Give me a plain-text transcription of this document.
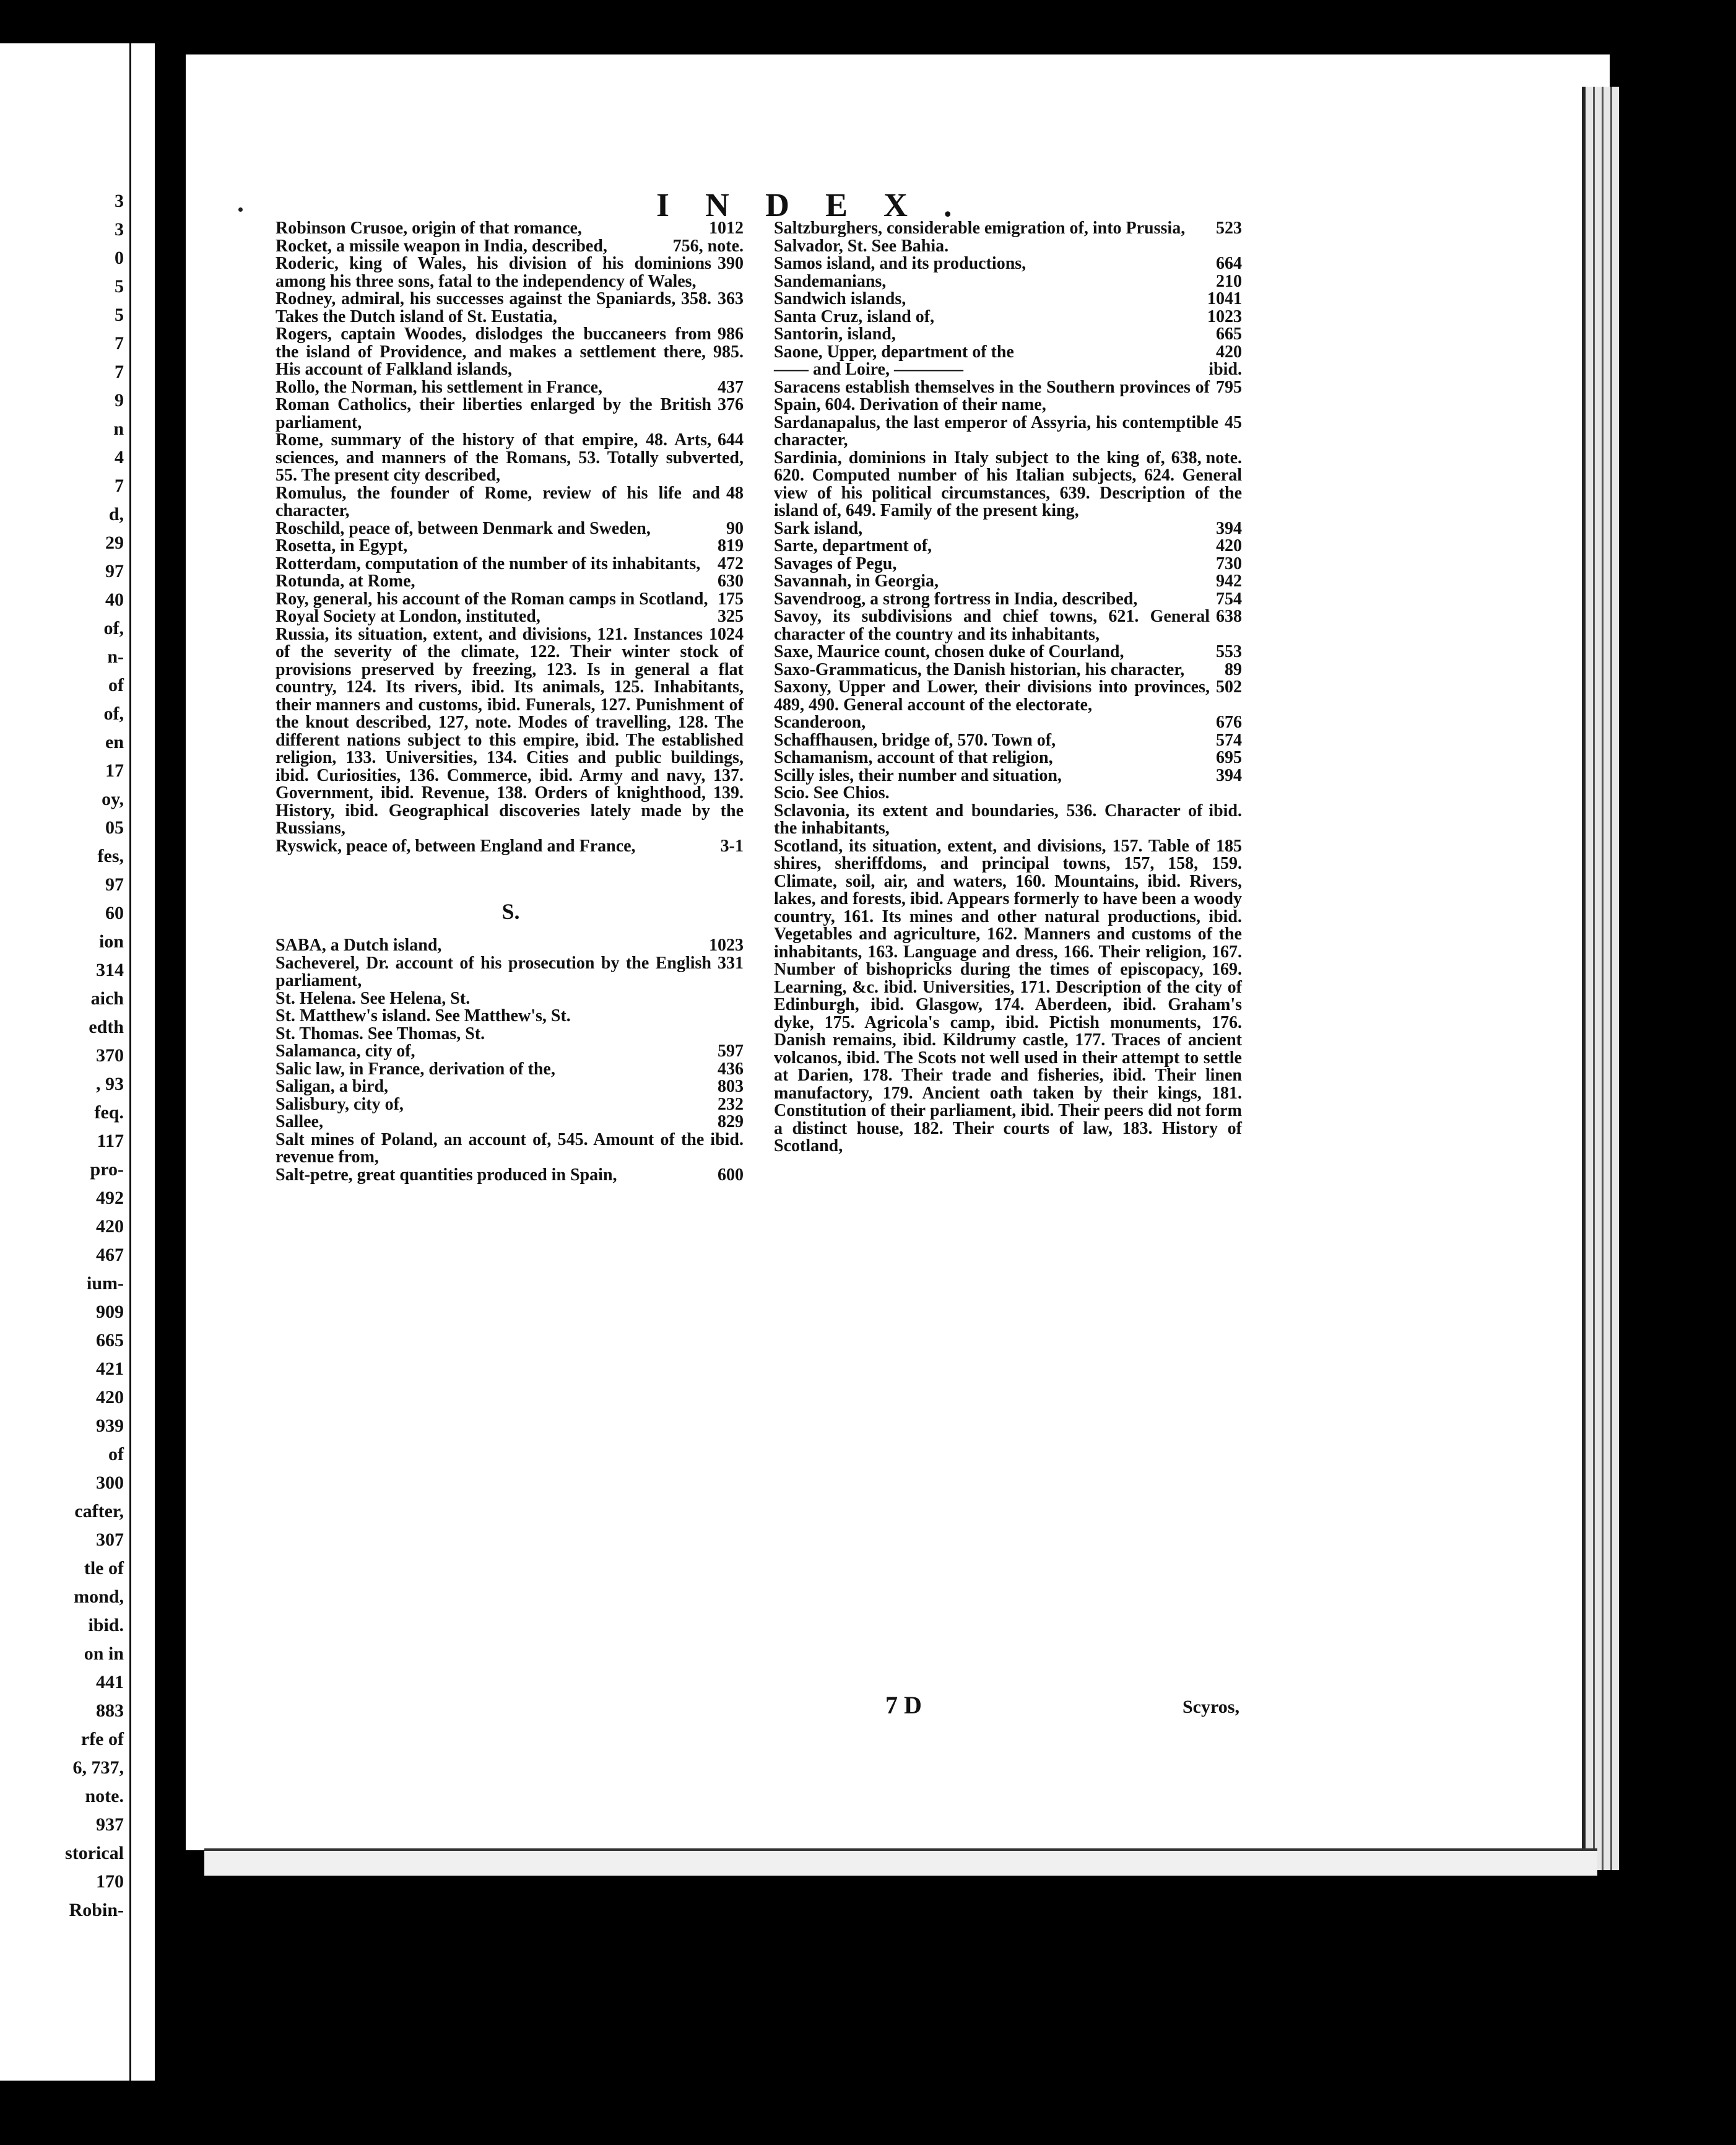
3
3
0
5
5
7
7
9
n
4
7
d,
29
97
40
of,
n-
of
of,
en
17
oy,
05
fes,
97
60
ion
314
aich
edth
370
, 93
feq.
117
pro-
492
420
467
ium-
909
665
421
420
939
of
300
cafter,
307
tle of
mond,
ibid.
on in
441
883
rfe of
6, 737,
note.
937
storical
170
Robin-
INDEX.
1012
Robinson Crusoe, origin of that romance,
756, note.
Rocket, a missile weapon in India, described,
390
Roderic, king of Wales, his division of his dominions among his three sons, fatal to the independency of Wales,
363
Rodney, admiral, his successes against the Spaniards, 358. Takes the Dutch island of St. Eustatia,
986
Rogers, captain Woodes, dislodges the buccaneers from the island of Providence, and makes a settlement there, 985. His account of Falkland islands,
437
Rollo, the Norman, his settlement in France,
376
Roman Catholics, their liberties enlarged by the British parliament,
644
Rome, summary of the history of that empire, 48. Arts, sciences, and manners of the Romans, 53. Totally subverted, 55. The present city described,
48
Romulus, the founder of Rome, review of his life and character,
90
Roschild, peace of, between Denmark and Sweden,
819
Rosetta, in Egypt,
472
Rotterdam, computation of the number of its inhabitants,
630
Rotunda, at Rome,
175
Roy, general, his account of the Roman camps in Scotland,
325
Royal Society at London, instituted,
1024
Russia, its situation, extent, and divisions, 121. Instances of the severity of the climate, 122. Their winter stock of provisions preserved by freezing, 123. Is in general a flat country, 124. Its rivers, ibid. Its animals, 125. Inhabitants, their manners and customs, ibid. Funerals, 127. Punishment of the knout described, 127, note. Modes of travelling, 128. The different nations subject to this empire, ibid. The established religion, 133. Universities, 134. Cities and public buildings, ibid. Curiosities, 136. Commerce, ibid. Army and navy, 137. Government, ibid. Revenue, 138. Orders of knighthood, 139. History, ibid. Geographical discoveries lately made by the Russians,
3-1
Ryswick, peace of, between England and France,
S.
1023
SABA, a Dutch island,
331
Sacheverel, Dr. account of his prosecution by the English parliament,
St. Helena. See Helena, St.
St. Matthew's island. See Matthew's, St.
St. Thomas. See Thomas, St.
597
Salamanca, city of,
436
Salic law, in France, derivation of the,
803
Saligan, a bird,
232
Salisbury, city of,
829
Sallee,
ibid.
Salt mines of Poland, an account of, 545. Amount of the revenue from,
600
Salt-petre, great quantities produced in Spain,
523
Saltzburghers, considerable emigration of, into Prussia,
Salvador, St. See Bahia.
664
Samos island, and its productions,
210
Sandemanians,
1041
Sandwich islands,
1023
Santa Cruz, island of,
665
Santorin, island,
420
Saone, Upper, department of the
ibid.
—— and Loire, ————
795
Saracens establish themselves in the Southern provinces of Spain, 604. Derivation of their name,
45
Sardanapalus, the last emperor of Assyria, his contemptible character,
638, note.
Sardinia, dominions in Italy subject to the king of, 620. Computed number of his Italian subjects, 624. General view of his political circumstances, 639. Description of the island of, 649. Family of the present king,
394
Sark island,
420
Sarte, department of,
730
Savages of Pegu,
942
Savannah, in Georgia,
754
Savendroog, a strong fortress in India, described,
638
Savoy, its subdivisions and chief towns, 621. General character of the country and its inhabitants,
553
Saxe, Maurice count, chosen duke of Courland,
89
Saxo-Grammaticus, the Danish historian, his character,
502
Saxony, Upper and Lower, their divisions into provinces, 489, 490. General account of the electorate,
676
Scanderoon,
574
Schaffhausen, bridge of, 570. Town of,
695
Schamanism, account of that religion,
394
Scilly isles, their number and situation,
Scio. See Chios.
ibid.
Sclavonia, its extent and boundaries, 536. Character of the inhabitants,
185
Scotland, its situation, extent, and divisions, 157. Table of shires, sheriffdoms, and principal towns, 157, 158, 159. Climate, soil, air, and waters, 160. Mountains, ibid. Rivers, lakes, and forests, ibid. Appears formerly to have been a woody country, 161. Its mines and other natural productions, ibid. Vegetables and agriculture, 162. Manners and customs of the inhabitants, 163. Language and dress, 166. Their religion, 167. Number of bishopricks during the times of episcopacy, 169. Learning, &c. ibid. Universities, 171. Description of the city of Edinburgh, ibid. Glasgow, 174. Aberdeen, ibid. Graham's dyke, 175. Agricola's camp, ibid. Pictish monuments, 176. Danish remains, ibid. Kildrumy castle, 177. Traces of ancient volcanos, ibid. The Scots not well used in their attempt to settle at Darien, 178. Their trade and fisheries, ibid. Their linen manufactory, 179. Ancient oath taken by their kings, 181. Constitution of their parliament, ibid. Their peers did not form a distinct house, 182. Their courts of law, 183. History of Scotland,
7 D	Scyros,
